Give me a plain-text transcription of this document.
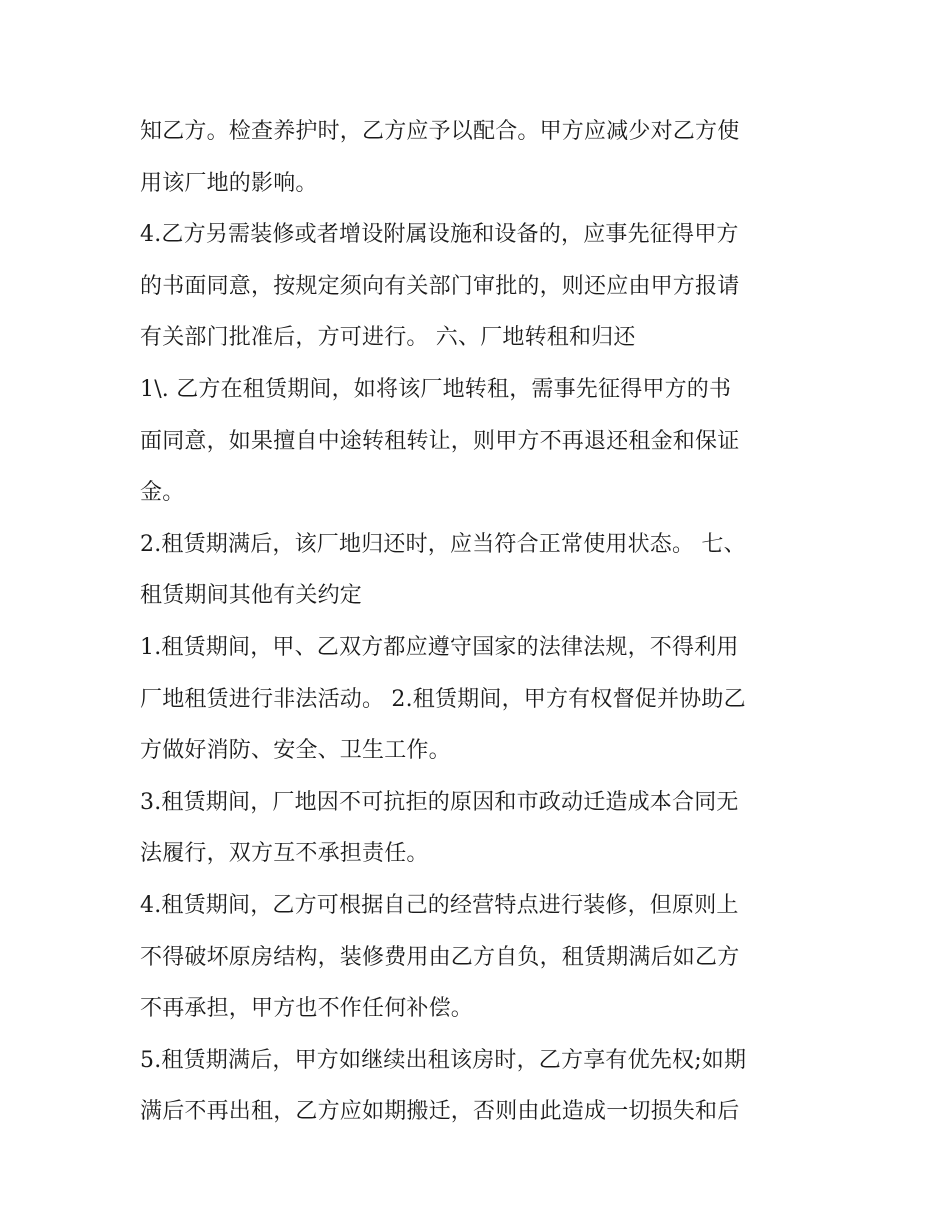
知乙方。检查养护时，乙方应予以配合。甲方应减少对乙方使
用该厂地的影响。
4.乙方另需装修或者增设附属设施和设备的，应事先征得甲方
的书面同意，按规定须向有关部门审批的，则还应由甲方报请
有关部门批准后，方可进行。 六、厂地转租和归还
1\. 乙方在租赁期间，如将该厂地转租，需事先征得甲方的书
面同意，如果擅自中途转租转让，则甲方不再退还租金和保证
金。
2.租赁期满后，该厂地归还时，应当符合正常使用状态。 七、
租赁期间其他有关约定
1.租赁期间，甲、乙双方都应遵守国家的法律法规，不得利用
厂地租赁进行非法活动。 2.租赁期间，甲方有权督促并协助乙
方做好消防、安全、卫生工作。
3.租赁期间，厂地因不可抗拒的原因和市政动迁造成本合同无
法履行，双方互不承担责任。
4.租赁期间，乙方可根据自己的经营特点进行装修，但原则上
不得破坏原房结构，装修费用由乙方自负，租赁期满后如乙方
不再承担，甲方也不作任何补偿。
5.租赁期满后，甲方如继续出租该房时，乙方享有优先权;如期
满后不再出租，乙方应如期搬迁，否则由此造成一切损失和后
